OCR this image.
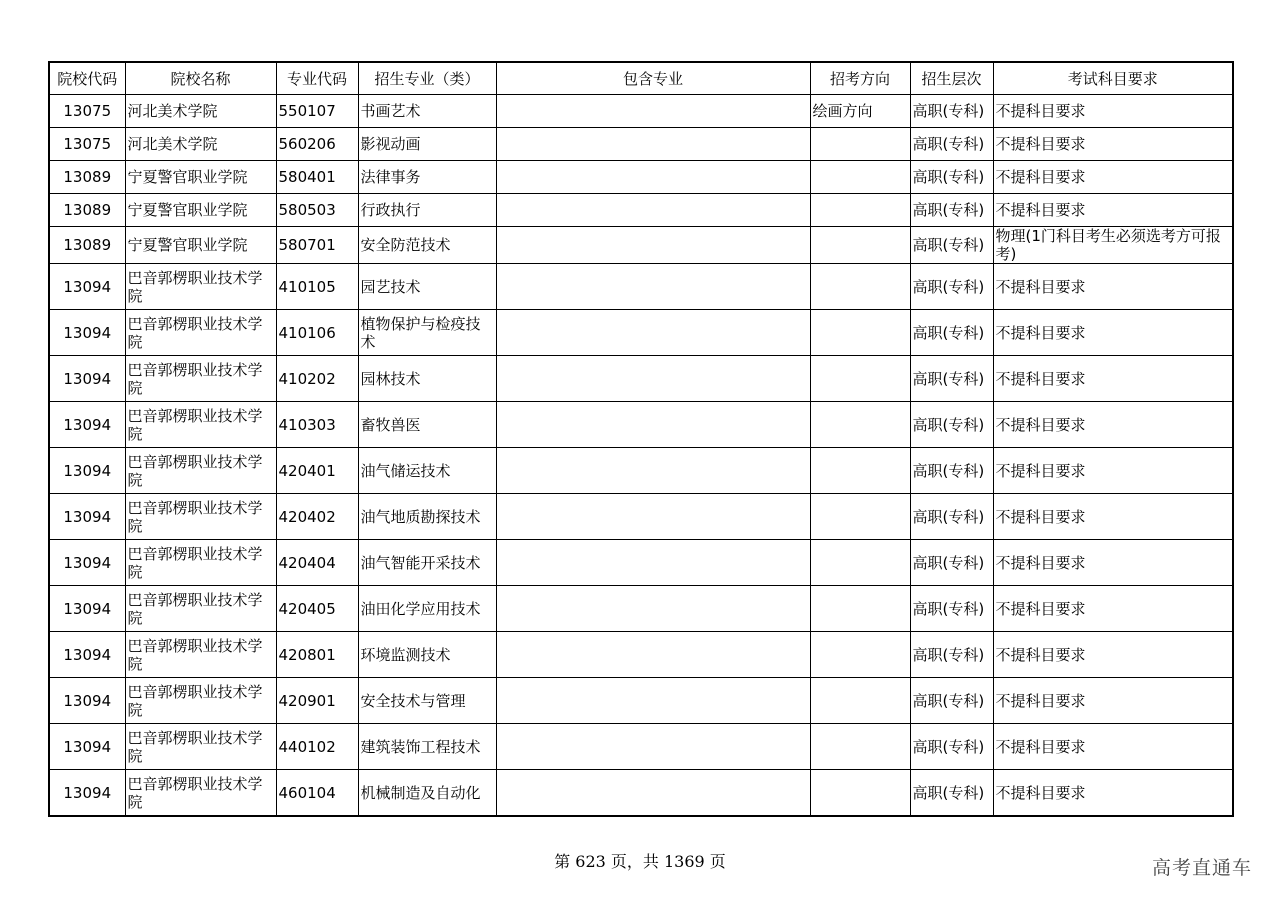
院校代码	院校名称	专业代码	招生专业（类）	包含专业	招考方向	招生层次	考试科目要求
13075	河北美术学院	550107	书画艺术		绘画方向	高职(专科)	不提科目要求
13075	河北美术学院	560206	影视动画			高职(专科)	不提科目要求
13089	宁夏警官职业学院	580401	法律事务			高职(专科)	不提科目要求
13089	宁夏警官职业学院	580503	行政执行			高职(专科)	不提科目要求
13089	宁夏警官职业学院	580701	安全防范技术			高职(专科)	物理(1门科目考生必须选考方可报考)
13094	巴音郭楞职业技术学院	410105	园艺技术			高职(专科)	不提科目要求
13094	巴音郭楞职业技术学院	410106	植物保护与检疫技术			高职(专科)	不提科目要求
13094	巴音郭楞职业技术学院	410202	园林技术			高职(专科)	不提科目要求
13094	巴音郭楞职业技术学院	410303	畜牧兽医			高职(专科)	不提科目要求
13094	巴音郭楞职业技术学院	420401	油气储运技术			高职(专科)	不提科目要求
13094	巴音郭楞职业技术学院	420402	油气地质勘探技术			高职(专科)	不提科目要求
13094	巴音郭楞职业技术学院	420404	油气智能开采技术			高职(专科)	不提科目要求
13094	巴音郭楞职业技术学院	420405	油田化学应用技术			高职(专科)	不提科目要求
13094	巴音郭楞职业技术学院	420801	环境监测技术			高职(专科)	不提科目要求
13094	巴音郭楞职业技术学院	420901	安全技术与管理			高职(专科)	不提科目要求
13094	巴音郭楞职业技术学院	440102	建筑装饰工程技术			高职(专科)	不提科目要求
13094	巴音郭楞职业技术学院	460104	机械制造及自动化			高职(专科)	不提科目要求
第 623 页，共 1369 页	高考直通车
